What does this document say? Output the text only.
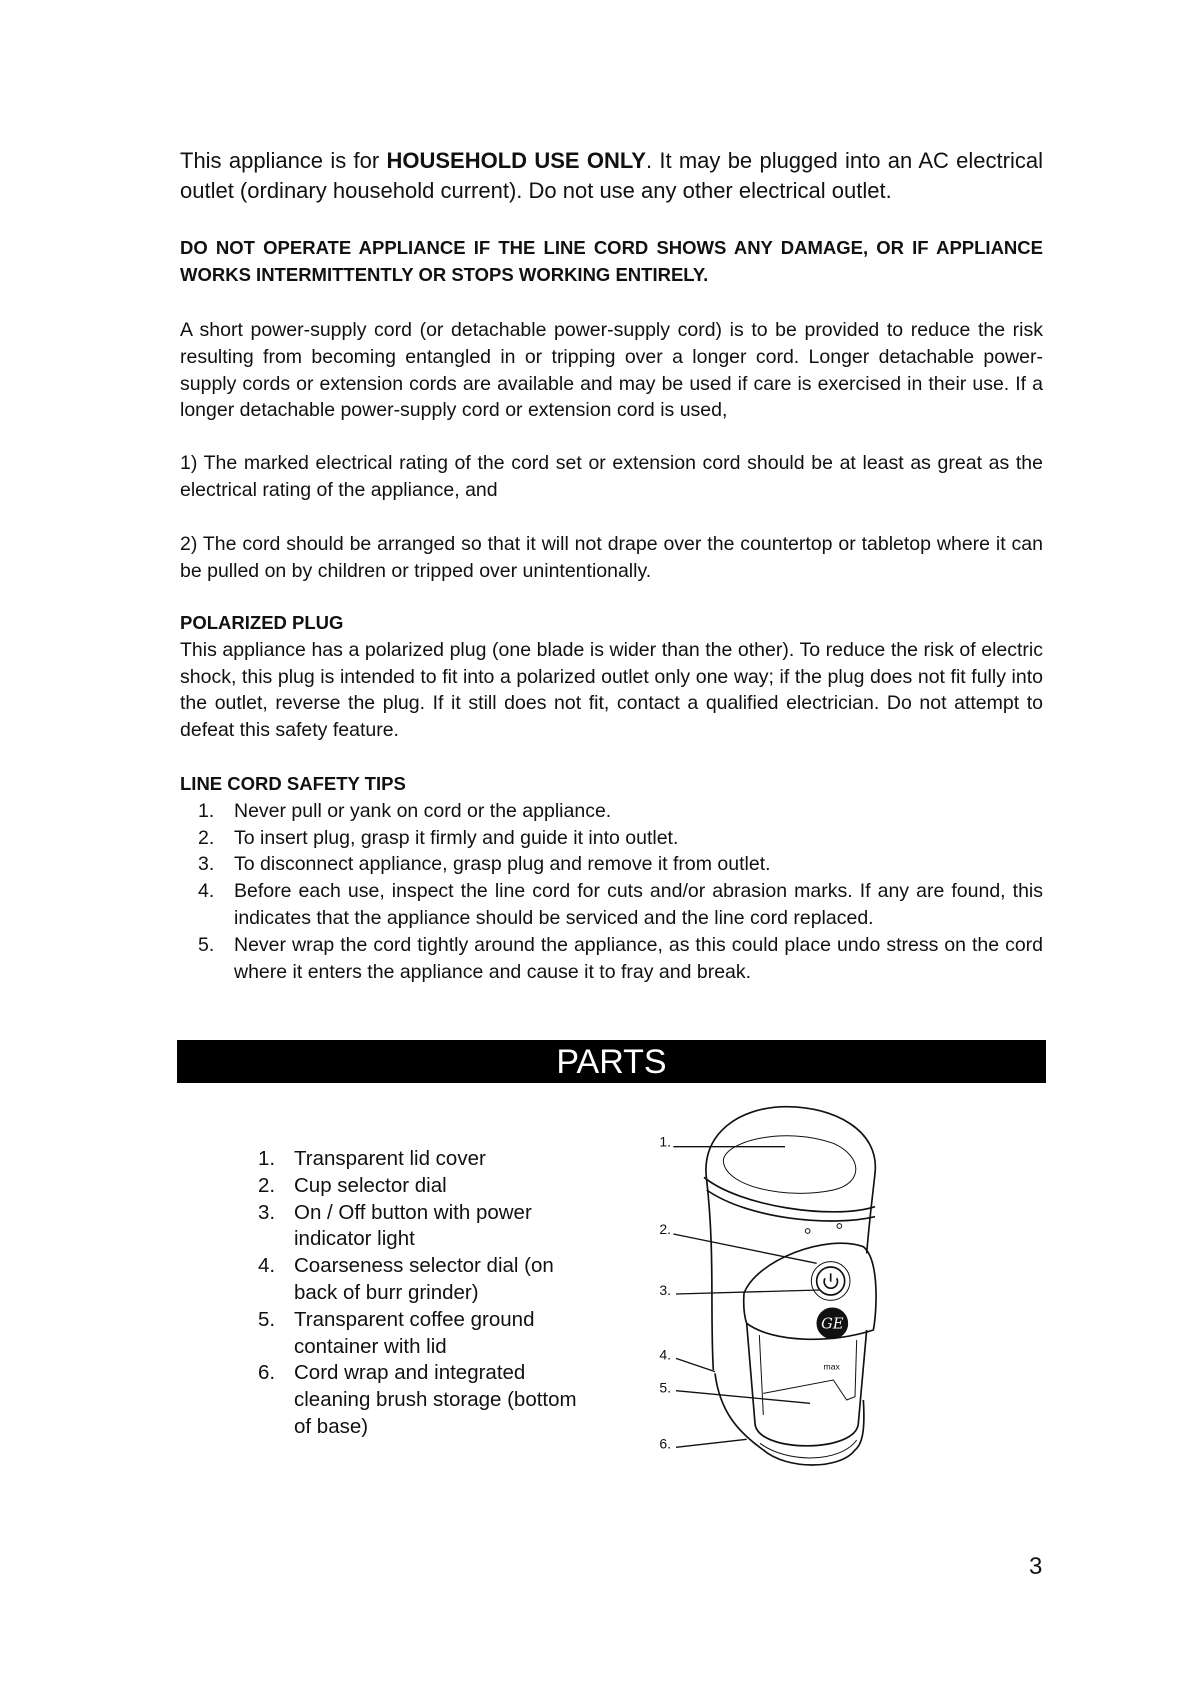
This appliance is for HOUSEHOLD USE ONLY. It may be plugged into an AC electrical outlet (ordinary household current). Do not use any other electrical outlet.
DO NOT OPERATE APPLIANCE IF THE LINE CORD SHOWS ANY DAMAGE, OR IF APPLIANCE WORKS INTERMITTENTLY OR STOPS WORKING ENTIRELY.
A short power-supply cord (or detachable power-supply cord) is to be provided to reduce the risk resulting from becoming entangled in or tripping over a longer cord. Longer detachable power-supply cords or extension cords are available and may be used if care is exercised in their use. If a longer detachable power-supply cord or extension cord is used,
1) The marked electrical rating of the cord set or extension cord should be at least as great as the electrical rating of the appliance, and
2) The cord should be arranged so that it will not drape over the countertop or tabletop where it can be pulled on by children or tripped over unintentionally.
POLARIZED PLUG
This appliance has a polarized plug (one blade is wider than the other). To reduce the risk of electric shock, this plug is intended to fit into a polarized outlet only one way; if the plug does not fit fully into the outlet, reverse the plug. If it still does not fit, contact a qualified electrician. Do not attempt to defeat this safety feature.
LINE CORD SAFETY TIPS
1. Never pull or yank on cord or the appliance.
2. To insert plug, grasp it firmly and guide it into outlet.
3. To disconnect appliance, grasp plug and remove it from outlet.
4. Before each use, inspect the line cord for cuts and/or abrasion marks. If any are found, this indicates that the appliance should be serviced and the line cord replaced.
5. Never wrap the cord tightly around the appliance, as this could place undo stress on the cord where it enters the appliance and cause it to fray and break.
PARTS
1. Transparent lid cover
2. Cup selector dial
3. On / Off button with power indicator light
4. Coarseness selector dial (on back of burr grinder)
5. Transparent coffee ground container with lid
6. Cord wrap and integrated cleaning brush storage (bottom of base)
GE
max
1.
2.
3.
4.
5.
6.
3
